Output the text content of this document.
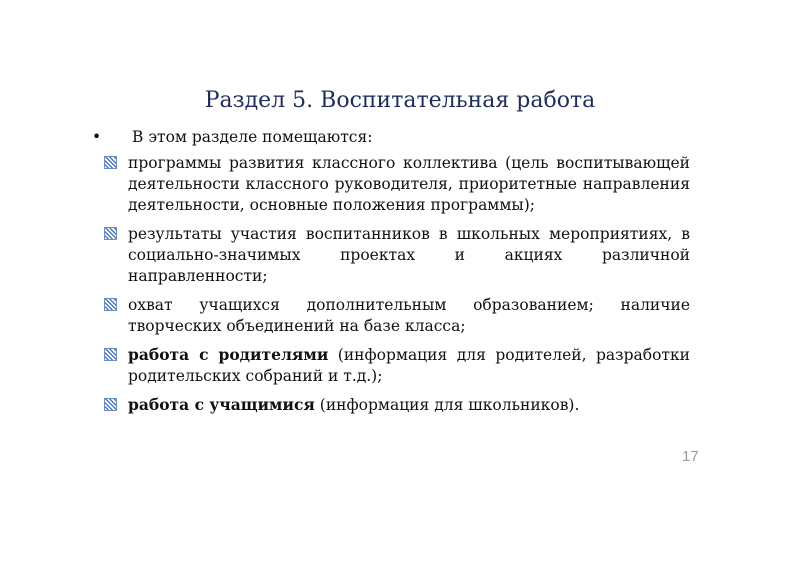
Раздел 5. Воспитательная работа
• В этом разделе помещаются:
программы развития классного коллектива (цель воспитывающей деятельности классного руководителя, приоритетные направления деятельности, основные положения программы);
результаты участия воспитанников в школьных мероприятиях, в социально-значимых проектах и акциях различной направленности;
охват учащихся дополнительным образованием; наличие творческих объединений на базе класса;
работа с родителями (информация для родителей, разработки родительских собраний и т.д.);
работа с учащимися (информация для школьников).
17
